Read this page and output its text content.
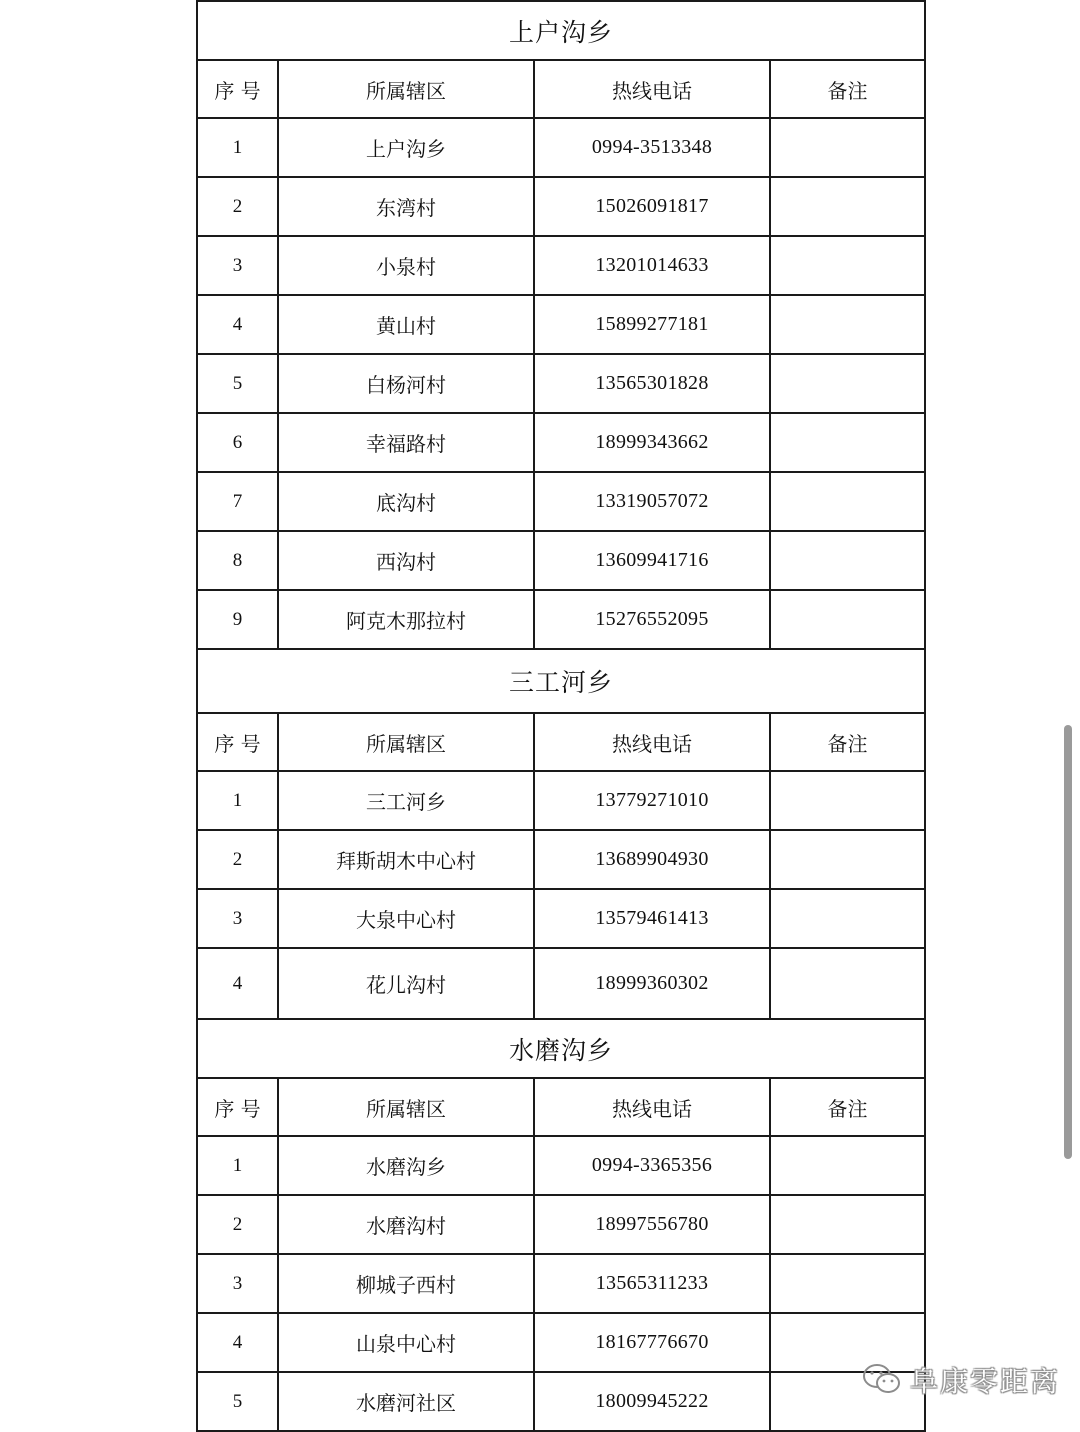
上户沟乡			
序 号	所属辖区	热线电话	备注
1	上户沟乡	0994-3513348	
2	东湾村	15026091817	
3	小泉村	13201014633	
4	黄山村	15899277181	
5	白杨河村	13565301828	
6	幸福路村	18999343662	
7	底沟村	13319057072	
8	西沟村	13609941716	
9	阿克木那拉村	15276552095	
三工河乡			
序 号	所属辖区	热线电话	备注
1	三工河乡	13779271010	
2	拜斯胡木中心村	13689904930	
3	大泉中心村	13579461413	
4	花儿沟村	18999360302	
水磨沟乡			
序 号	所属辖区	热线电话	备注
1	水磨沟乡	0994-3365356	
2	水磨沟村	18997556780	
3	柳城子西村	13565311233	
4	山泉中心村	18167776670	
5	水磨河社区	18009945222	
阜康零距离
